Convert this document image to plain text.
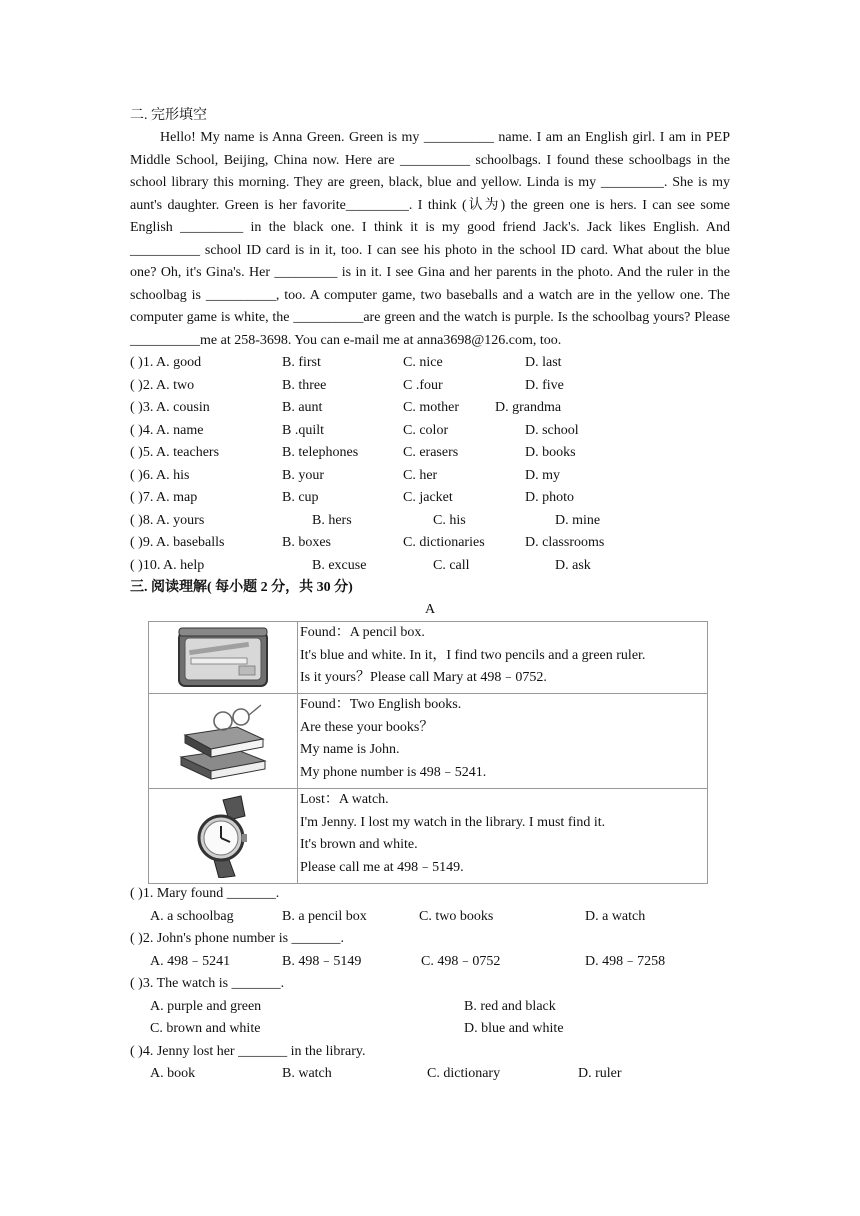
二. 完形填空

Hello! My name is Anna Green. Green is my __________ name. I am an English girl. I am in PEP Middle School, Beijing, China now. Here are __________ schoolbags. I found these schoolbags in the school library this morning. They are green, black, blue and yellow. Linda is my _________. She is my aunt's daughter. Green is her favorite_________. I think (认为) the green one is hers. I can see some English _________ in the black one. I think it is my good friend Jack's. Jack likes English. And __________ school ID card is in it, too. I can see his photo in the school ID card. What about the blue one? Oh, it's Gina's. Her _________ is in it. I see Gina and her parents in the photo. And the ruler in the schoolbag is __________, too. A computer game, two baseballs and a watch are in the yellow one. The computer game is white, the __________are green and the watch is purple. Is the schoolbag yours? Please __________me at 258-3698. You can e-mail me at anna3698@126.com, too.

( )1. A. good	B. first	C. nice	D. last
( )2. A. two	B. three	C .four	D. five
( )3. A. cousin	B. aunt	C. mother	D. grandma
( )4. A. name	B .quilt	C. color	D. school
( )5. A. teachers	B. telephones	C. erasers	D. books
( )6. A. his	B. your	C. her	D. my
( )7. A. map	B. cup	C. jacket	D. photo
( )8. A. yours	B. hers	C. his	D. mine
( )9. A. baseballs	B. boxes	C. dictionaries	D. classrooms
( )10. A. help	B. excuse	C. call	D. ask
三. 阅读理解( 每小题 2 分，共 30 分)
A

Found：A pencil box.
It's blue and white. In it，I find two pencils and a green ruler.
Is it yours？Please call Mary at 498﹣0752.

Found：Two English books.
Are these your books？
My name is John.
My phone number is 498﹣5241.

Lost：A watch.
I'm Jenny. I lost my watch in the library. I must find it.
It's brown and white.
Please call me at 498﹣5149.
( )1. Mary found _______.
A. a schoolbag	B. a pencil box	C. two books	D. a watch
( )2. John's phone number is _______.
A. 498﹣5241	B. 498﹣5149	C. 498﹣0752	D. 498﹣7258
( )3. The watch is _______.
A. purple and green	B. red and black
C. brown and white	D. blue and white
( )4. Jenny lost her _______ in the library.
A. book	B. watch	C. dictionary	D. ruler
